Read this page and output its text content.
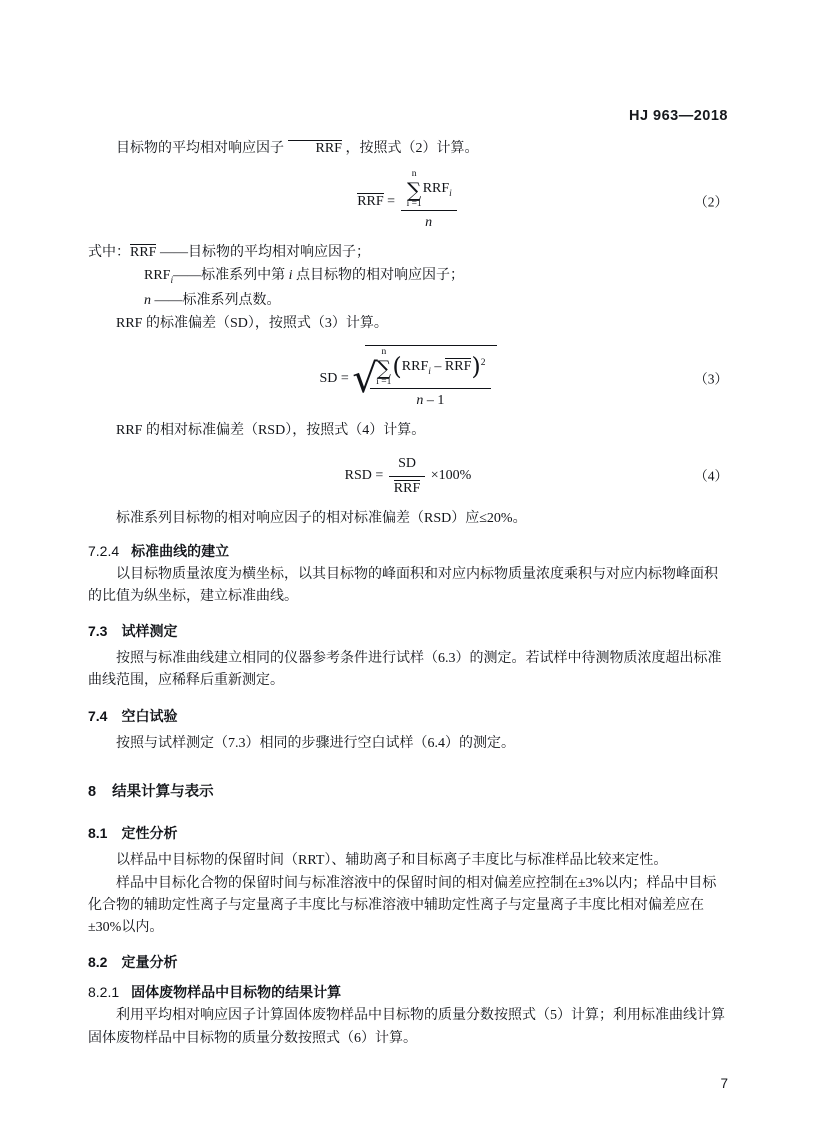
HJ 963—2018

目标物的平均相对响应因子 RRF ，按照式（2）计算。

RRF = n
∑
i =1
$RRF_i$
n	（2）

式中：RRF ——目标物的平均相对响应因子；

$RRF_i——$标准系列中第 i 点目标物的相对响应因子；

n ——标准系列点数。

RRF 的标准偏差（SD），按照式（3）计算。

SD = √
n
∑
i =1
$(RRF_i - RRF)^2$
n – 1	（3）

RRF 的相对标准偏差（RSD），按照式（4）计算。

RSD = $\frac{SD}{\text{RRF}} \times 100\%$	（4）

标准系列目标物的相对响应因子的相对标准偏差（RSD）应≤20%。

7.2.4 标准曲线的建立

以目标物质量浓度为横坐标，以其目标物的峰面积和对应内标物质量浓度乘积与对应内标物峰面积的比值为纵坐标，建立标准曲线。

7.3 试样测定

按照与标准曲线建立相同的仪器参考条件进行试样（6.3）的测定。若试样中待测物质浓度超出标准曲线范围，应稀释后重新测定。

7.4 空白试验

按照与试样测定（7.3）相同的步骤进行空白试样（6.4）的测定。

8 结果计算与表示
8.1 定性分析

以样品中目标物的保留时间（RRT）、辅助离子和目标离子丰度比与标准样品比较来定性。

样品中目标化合物的保留时间与标准溶液中的保留时间的相对偏差应控制在±3%以内；样品中目标化合物的辅助定性离子与定量离子丰度比与标准溶液中辅助定性离子与定量离子丰度比相对偏差应在±30%以内。

8.2 定量分析
8.2.1 固体废物样品中目标物的结果计算

利用平均相对响应因子计算固体废物样品中目标物的质量分数按照式（5）计算；利用标准曲线计算固体废物样品中目标物的质量分数按照式（6）计算。

7
